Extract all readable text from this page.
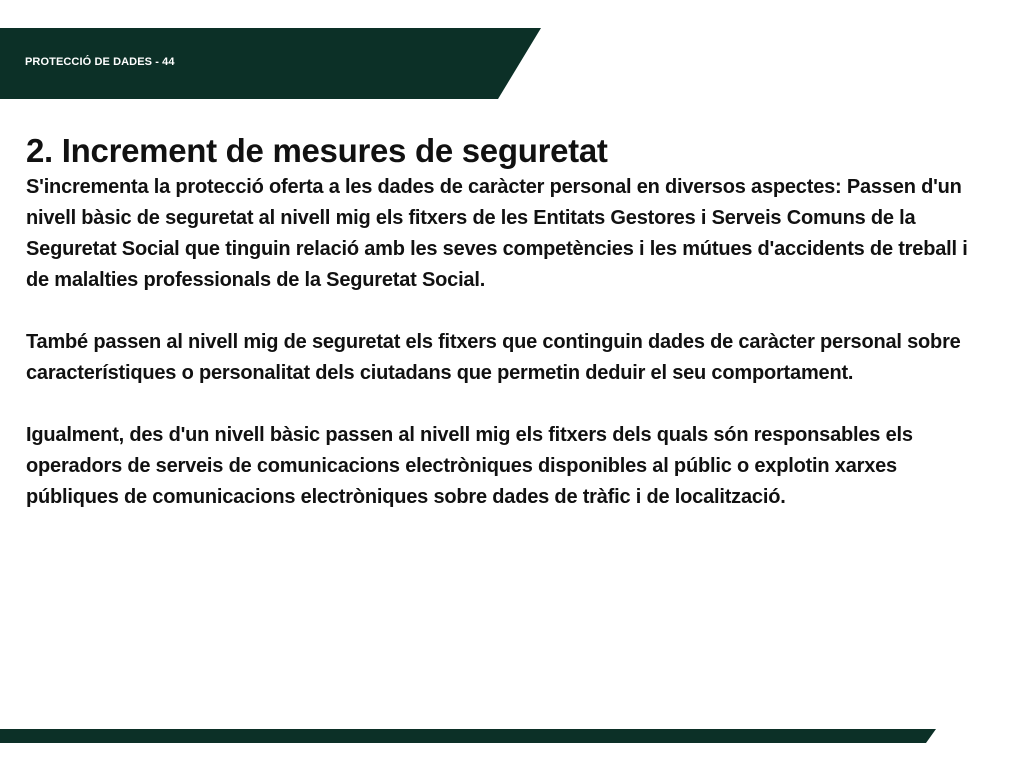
PROTECCIÓ DE DADES - 44
2. Increment de mesures de seguretat

S'incrementa la protecció oferta a les dades de caràcter personal en diversos aspectes: Passen d'un nivell bàsic de seguretat al nivell mig els fitxers de les Entitats Gestores i Serveis Comuns de la Seguretat Social que tinguin relació amb les seves competències i les mútues d'accidents de treball i de malalties professionals de la Seguretat Social.

També passen al nivell mig de seguretat els fitxers que continguin dades de caràcter personal sobre característiques o personalitat dels ciutadans que permetin deduir el seu comportament.

Igualment, des d'un nivell bàsic passen al nivell mig els fitxers dels quals són responsables els operadors de serveis de comunicacions electròniques disponibles al públic o explotin xarxes públiques de comunicacions electròniques sobre dades de tràfic i de localització.
